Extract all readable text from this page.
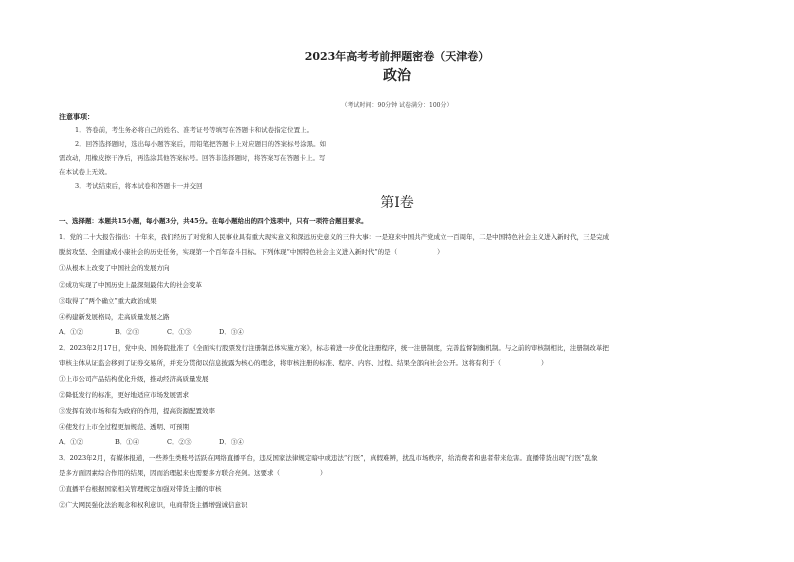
2023年高考考前押题密卷（天津卷）
政治
（考试时间：90分钟 试卷满分：100分）
注意事项：
1．答卷前，考生务必将自己的姓名、准考证号等填写在答题卡和试卷指定位置上。
2．回答选择题时，选出每小题答案后，用铅笔把答题卡上对应题目的答案标号涂黑。如
需改动，用橡皮擦干净后，再选涂其他答案标号。回答非选择题时，将答案写在答题卡上。写
在本试卷上无效。
3．考试结束后，将本试卷和答题卡一并交回
第Ⅰ卷
一、选择题：本题共15小题，每小题3分，共45分。在每小题给出的四个选项中，只有一项符合题目要求。
1．党的二十大报告指出：十年来，我们经历了对党和人民事业具有重大现实意义和深远历史意义的三件大事：一是迎来中国共产党成立一百周年，二是中国特色社会主义进入新时代，三是完成
脱贫攻坚、全面建成小康社会的历史任务，实现第一个百年奋斗目标。下列体现“中国特色社会主义进入新时代”的是（	）
①从根本上改变了中国社会的发展方向
②成功实现了中国历史上最深刻最伟大的社会变革
③取得了“两个确立”重大政治成果
④构建新发展格局，走高质量发展之路
A．①②	B．②③	C．①③	D．③④
2．2023年2月17日，党中央、国务院批准了《全面实行股票发行注册制总体实施方案》，标志着进一步优化注册程序，统一注册制度，完善监督制衡机制。与之前的审核制相比，注册制改革把
审核主体从证监会移到了证券交易所，并充分贯彻以信息披露为核心的理念，将审核注册的标准、程序、内容、过程、结果全部向社会公开。这将有利于（	）
①上市公司产品结构优化升级，推动经济高质量发展
②降低发行的标准，更好地适应市场发展需求
③发挥有效市场和有为政府的作用，提高资源配置效率
④使发行上市全过程更加规范、透明、可预期
A．①②	B．①④	C．②③	D．③④
3．2023年2月，有媒体报道，一些养生类账号活跃在网络直播平台，违反国家法律规定暗中或违法“行医”，真假难辨，扰乱市场秩序，给消费者和患者带来危害。直播带货出现“行医”乱象
是多方面因素综合作用的结果，因而治理起来也需要多方联合亮剑。这要求（	）
①直播平台根据国家相关管理规定加强对带货主播的审核
②广大网民强化法治观念和权利意识，电商带货主播增强诚信意识
